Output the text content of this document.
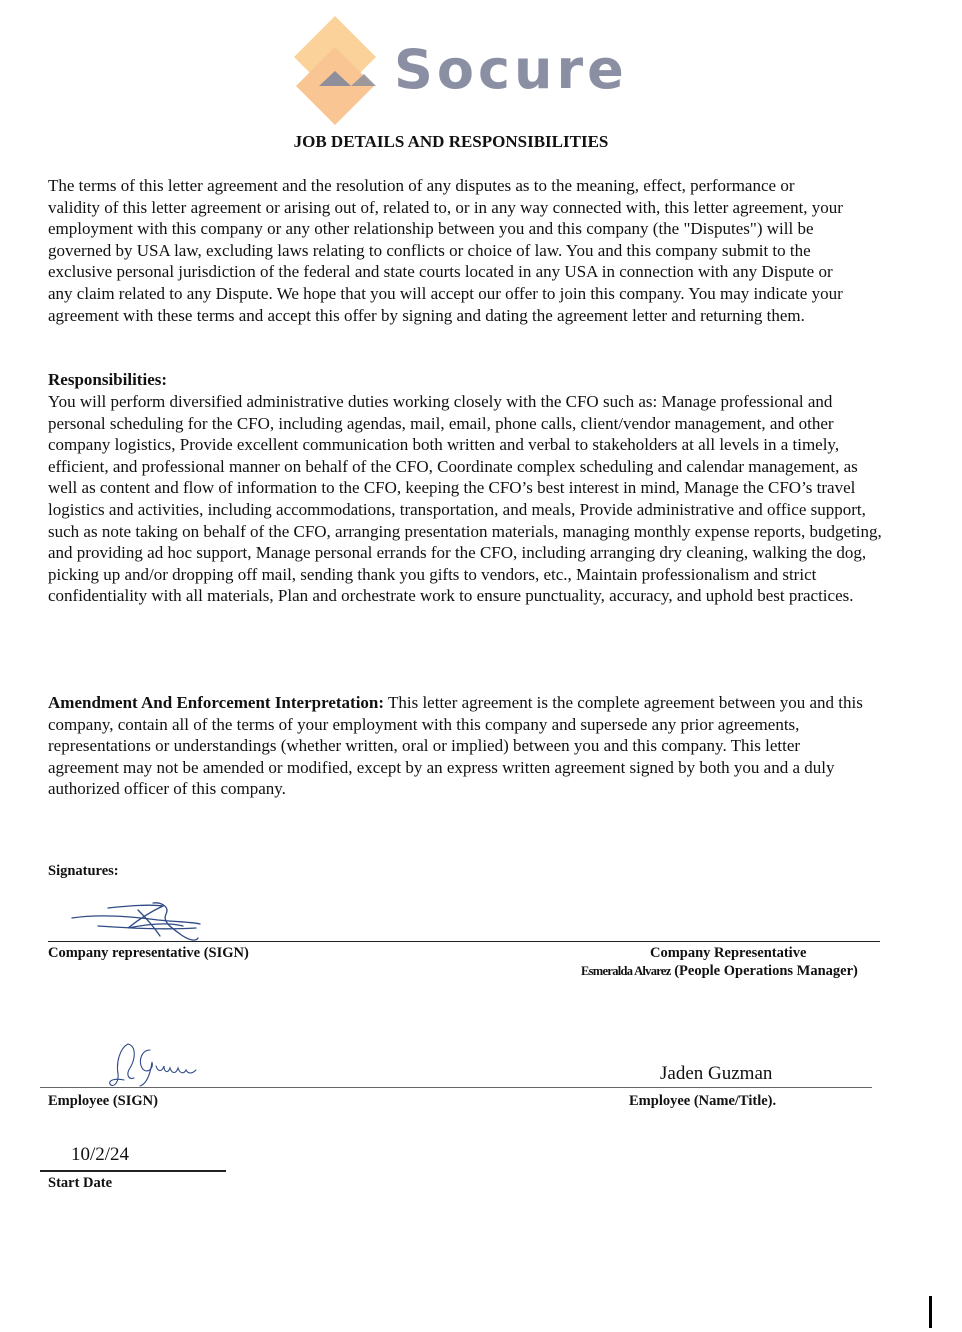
Socure
JOB DETAILS AND RESPONSIBILITIES

The terms of this letter agreement and the resolution of any disputes as to the meaning, effect, performance or validity of this letter agreement or arising out of, related to, or in any way connected with, this letter agreement, your employment with this company or any other relationship between you and this company (the "Disputes") will be governed by USA law, excluding laws relating to conflicts or choice of law. You and this company submit to the exclusive personal jurisdiction of the federal and state courts located in any USA in connection with any Dispute or any claim related to any Dispute. We hope that you will accept our offer to join this company. You may indicate your agreement with these terms and accept this offer by signing and dating the agreement letter and returning them.

Responsibilities:

You will perform diversified administrative duties working closely with the CFO such as: Manage professional and personal scheduling for the CFO, including agendas, mail, email, phone calls, client/vendor management, and other company logistics, Provide excellent communication both written and verbal to stakeholders at all levels in a timely, efficient, and professional manner on behalf of the CFO, Coordinate complex scheduling and calendar management, as well as content and flow of information to the CFO, keeping the CFO’s best interest in mind, Manage the CFO’s travel logistics and activities, including accommodations, transportation, and meals, Provide administrative and office support, such as note taking on behalf of the CFO, arranging presentation materials, managing monthly expense reports, budgeting, and providing ad hoc support, Manage personal errands for the CFO, including arranging dry cleaning, walking the dog, picking up and/or dropping off mail, sending thank you gifts to vendors, etc., Maintain professionalism and strict confidentiality with all materials, Plan and orchestrate work to ensure punctuality, accuracy, and uphold best practices.

Amendment And Enforcement Interpretation: This letter agreement is the complete agreement between you and this company, contain all of the terms of your employment with this company and supersede any prior agreements, representations or understandings (whether written, oral or implied) between you and this company. This letter agreement may not be amended or modified, except by an express written agreement signed by both you and a duly authorized officer of this company.

Signatures:
Company representative (SIGN)	Company Representative
Esmeralda Alvarez (People Operations Manager)
Jaden Guzman
Employee (SIGN)	Employee (Name/Title).
10/2/24
Start Date
